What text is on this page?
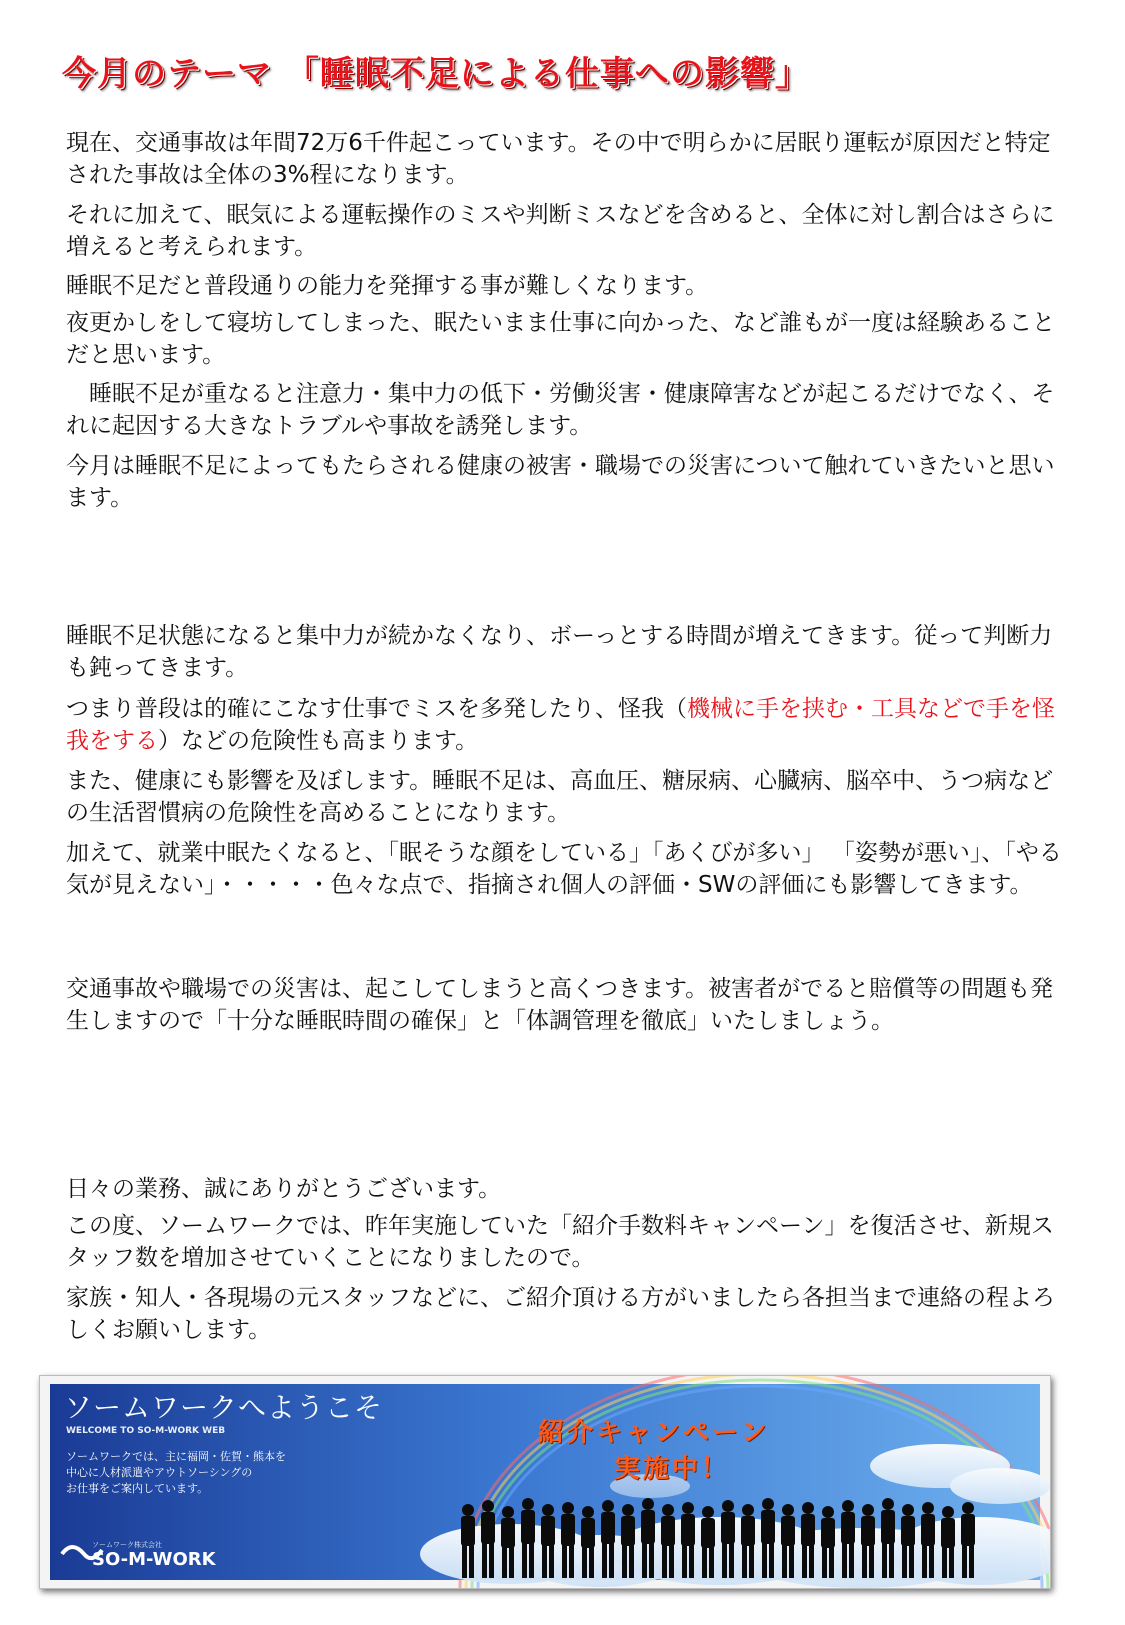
今月のテーマ 「睡眠不足による仕事への影響」

現在、交通事故は年間72万6千件起こっています。その中で明らかに居眠り運転が原因だと特定された事故は全体の3%程になります。

それに加えて、眠気による運転操作のミスや判断ミスなどを含めると、全体に対し割合はさらに増えると考えられます。

睡眠不足だと普段通りの能力を発揮する事が難しくなります。

夜更かしをして寝坊してしまった、眠たいまま仕事に向かった、など誰もが一度は経験あることだと思います。

　睡眠不足が重なると注意力・集中力の低下・労働災害・健康障害などが起こるだけでなく、それに起因する大きなトラブルや事故を誘発します。

今月は睡眠不足によってもたらされる健康の被害・職場での災害について触れていきたいと思います。

睡眠不足状態になると集中力が続かなくなり、ボーっとする時間が増えてきます。従って判断力も鈍ってきます。

つまり普段は的確にこなす仕事でミスを多発したり、怪我（機械に手を挟む・工具などで手を怪我をする）などの危険性も高まります。

また、健康にも影響を及ぼします。睡眠不足は、高血圧、糖尿病、心臓病、脳卒中、うつ病などの生活習慣病の危険性を高めることになります。

加えて、就業中眠たくなると、「眠そうな顔をしている」「あくびが多い」 「姿勢が悪い」、「やる気が見えない」・・・・・色々な点で、指摘され個人の評価・SWの評価にも影響してきます。

交通事故や職場での災害は、起こしてしまうと高くつきます。被害者がでると賠償等の問題も発生しますので「十分な睡眠時間の確保」と「体調管理を徹底」いたしましょう。

日々の業務、誠にありがとうございます。

この度、ソームワークでは、昨年実施していた「紹介手数料キャンペーン」を復活させ、新規スタッフ数を増加させていくことになりましたので。

家族・知人・各現場の元スタッフなどに、ご紹介頂ける方がいましたら各担当まで連絡の程よろしくお願いします。

ソームワークへようこそ
WELCOME TO SO-M-WORK WEB
ソームワークでは、主に福岡・佐賀・熊本を
中心に人材派遣やアウトソーシングの
お仕事をご案内しています。
紹介キャンペーン
実施中！
ソームワーク株式会社
SO-M-WORK
